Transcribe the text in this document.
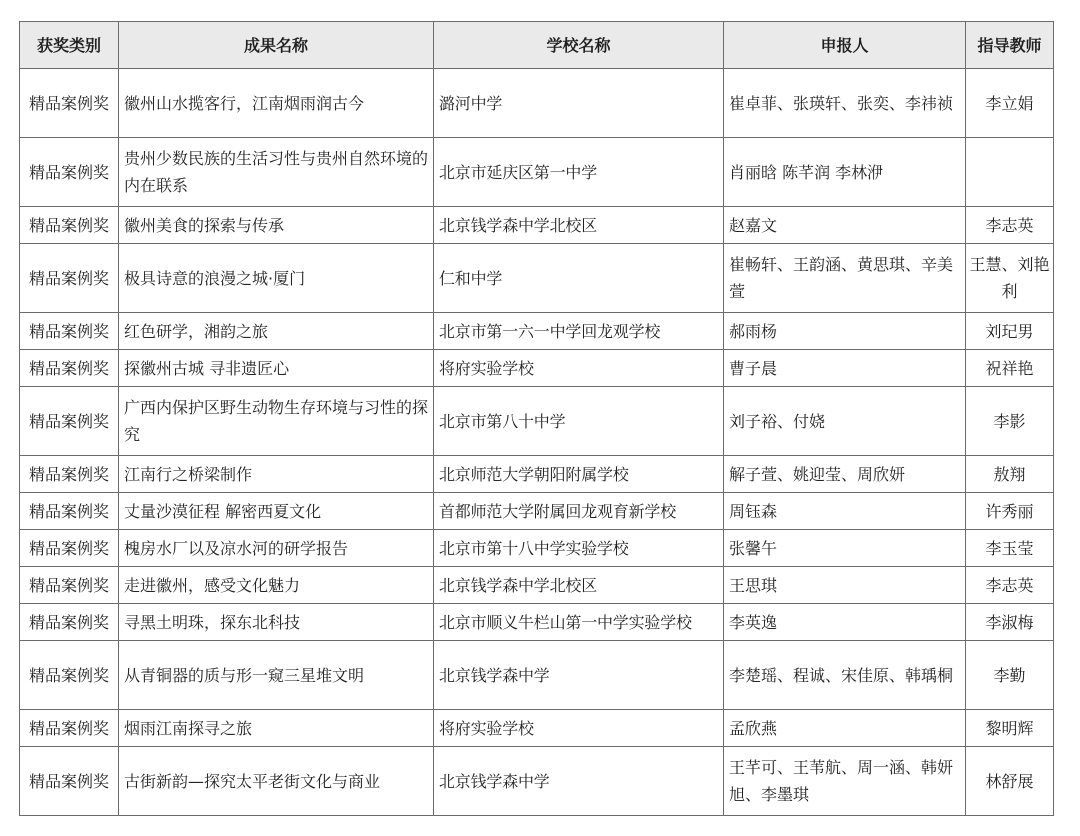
获奖类别	成果名称	学校名称	申报人	指导教师
精品案例奖	徽州山水揽客行，江南烟雨润古今	潞河中学	崔卓菲、张瑛轩、张奕、李祎祯	李立娟
精品案例奖	贵州少数民族的生活习性与贵州自然环境的内在联系	北京市延庆区第一中学	肖丽晗 陈芊润 李林洢	
精品案例奖	徽州美食的探索与传承	北京钱学森中学北校区	赵嘉文	李志英
精品案例奖	极具诗意的浪漫之城·厦门	仁和中学	崔畅轩、王韵涵、黄思琪、辛美萱	王慧、刘艳利
精品案例奖	红色研学，湘韵之旅	北京市第一六一中学回龙观学校	郝雨杨	刘玘男
精品案例奖	探徽州古城 寻非遗匠心	将府实验学校	曹子晨	祝祥艳
精品案例奖	广西内保护区野生动物生存环境与习性的探究	北京市第八十中学	刘子裕、付娆	李影
精品案例奖	江南行之桥梁制作	北京师范大学朝阳附属学校	解子萱、姚迎莹、周欣妍	敖翔
精品案例奖	丈量沙漠征程 解密西夏文化	首都师范大学附属回龙观育新学校	周钰森	许秀丽
精品案例奖	槐房水厂以及凉水河的研学报告	北京市第十八中学实验学校	张馨午	李玉莹
精品案例奖	走进徽州，感受文化魅力	北京钱学森中学北校区	王思琪	李志英
精品案例奖	寻黑土明珠，探东北科技	北京市顺义牛栏山第一中学实验学校	李英逸	李淑梅
精品案例奖	从青铜器的质与形一窥三星堆文明	北京钱学森中学	李楚瑶、程诚、宋佳原、韩瑀桐	李勤
精品案例奖	烟雨江南探寻之旅	将府实验学校	孟欣燕	黎明辉
精品案例奖	古街新韵—探究太平老街文化与商业	北京钱学森中学	王芊可、王苇航、周一涵、韩妍旭、李墨琪	林舒展
